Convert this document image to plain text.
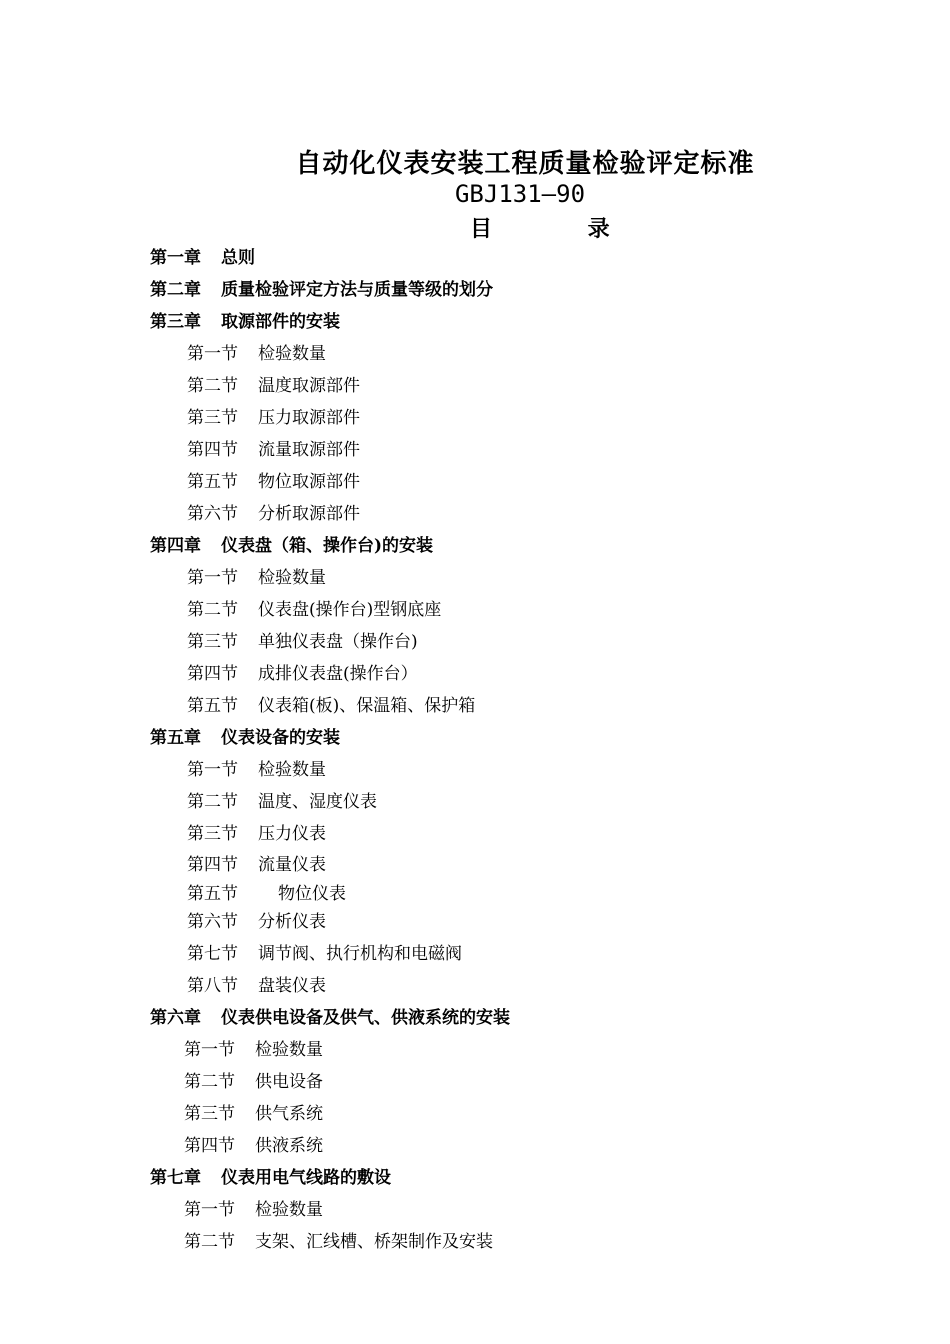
自动化仪表安装工程质量检验评定标准
GBJ131—90
目 录
第一章 总则
第二章 质量检验评定方法与质量等级的划分
第三章 取源部件的安装
第一节 检验数量
第二节 温度取源部件
第三节 压力取源部件
第四节 流量取源部件
第五节 物位取源部件
第六节 分析取源部件
第四章 仪表盘（箱、操作台)的安装
第一节 检验数量
第二节 仪表盘(操作台)型钢底座
第三节 单独仪表盘（操作台)
第四节 成排仪表盘(操作台）
第五节 仪表箱(板)、保温箱、保护箱
第五章 仪表设备的安装
第一节 检验数量
第二节 温度、湿度仪表
第三节 压力仪表
第四节 流量仪表
第五节 物位仪表
第六节 分析仪表
第七节 调节阀、执行机构和电磁阀
第八节 盘装仪表
第六章 仪表供电设备及供气、供液系统的安装
第一节 检验数量
第二节 供电设备
第三节 供气系统
第四节 供液系统
第七章 仪表用电气线路的敷设
第一节 检验数量
第二节 支架、汇线槽、桥架制作及安装
